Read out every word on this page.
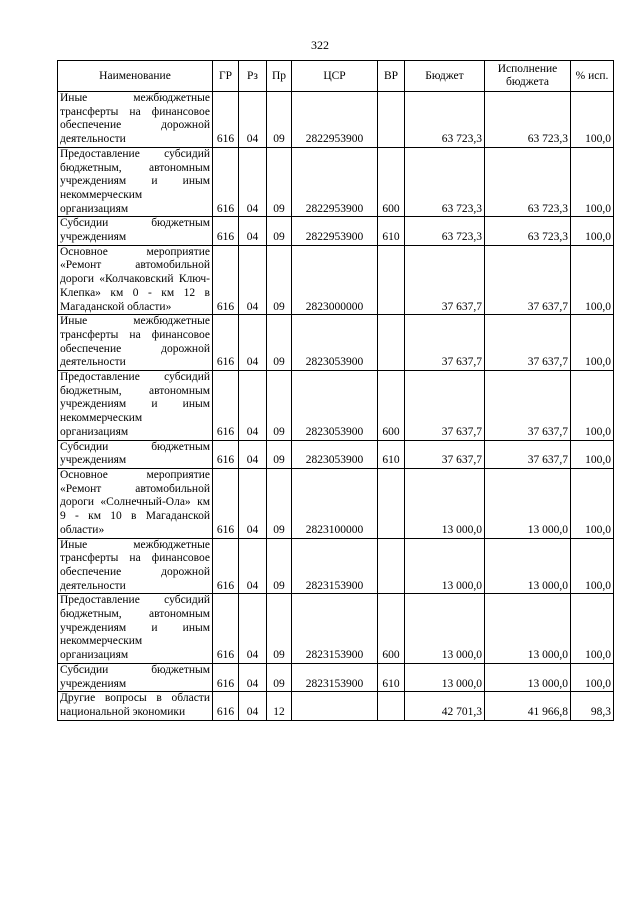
322
Наименование	ГР	Рз	Пр	ЦСР	ВР	Бюджет	Исполнение бюджета	% исп.
Иные межбюджетные трансферты на финансовое обеспечение дорожной деятельности	616	04	09	2822953900		63 723,3	63 723,3	100,0
Предоставление субсидий бюджетным, автономным учреждениям и иным некоммерческим организациям	616	04	09	2822953900	600	63 723,3	63 723,3	100,0
Субсидии бюджетным учреждениям	616	04	09	2822953900	610	63 723,3	63 723,3	100,0
Основное мероприятие «Ремонт автомобильной дороги «Колчаковский Ключ-Клепка» км 0 - км 12 в Магаданской области»	616	04	09	2823000000		37 637,7	37 637,7	100,0
Иные межбюджетные трансферты на финансовое обеспечение дорожной деятельности	616	04	09	2823053900		37 637,7	37 637,7	100,0
Предоставление субсидий бюджетным, автономным учреждениям и иным некоммерческим организациям	616	04	09	2823053900	600	37 637,7	37 637,7	100,0
Субсидии бюджетным учреждениям	616	04	09	2823053900	610	37 637,7	37 637,7	100,0
Основное мероприятие «Ремонт автомобильной дороги «Солнечный-Ола» км 9 - км 10 в Магаданской области»	616	04	09	2823100000		13 000,0	13 000,0	100,0
Иные межбюджетные трансферты на финансовое обеспечение дорожной деятельности	616	04	09	2823153900		13 000,0	13 000,0	100,0
Предоставление субсидий бюджетным, автономным учреждениям и иным некоммерческим организациям	616	04	09	2823153900	600	13 000,0	13 000,0	100,0
Субсидии бюджетным учреждениям	616	04	09	2823153900	610	13 000,0	13 000,0	100,0
Другие вопросы в области национальной экономики	616	04	12			42 701,3	41 966,8	98,3
